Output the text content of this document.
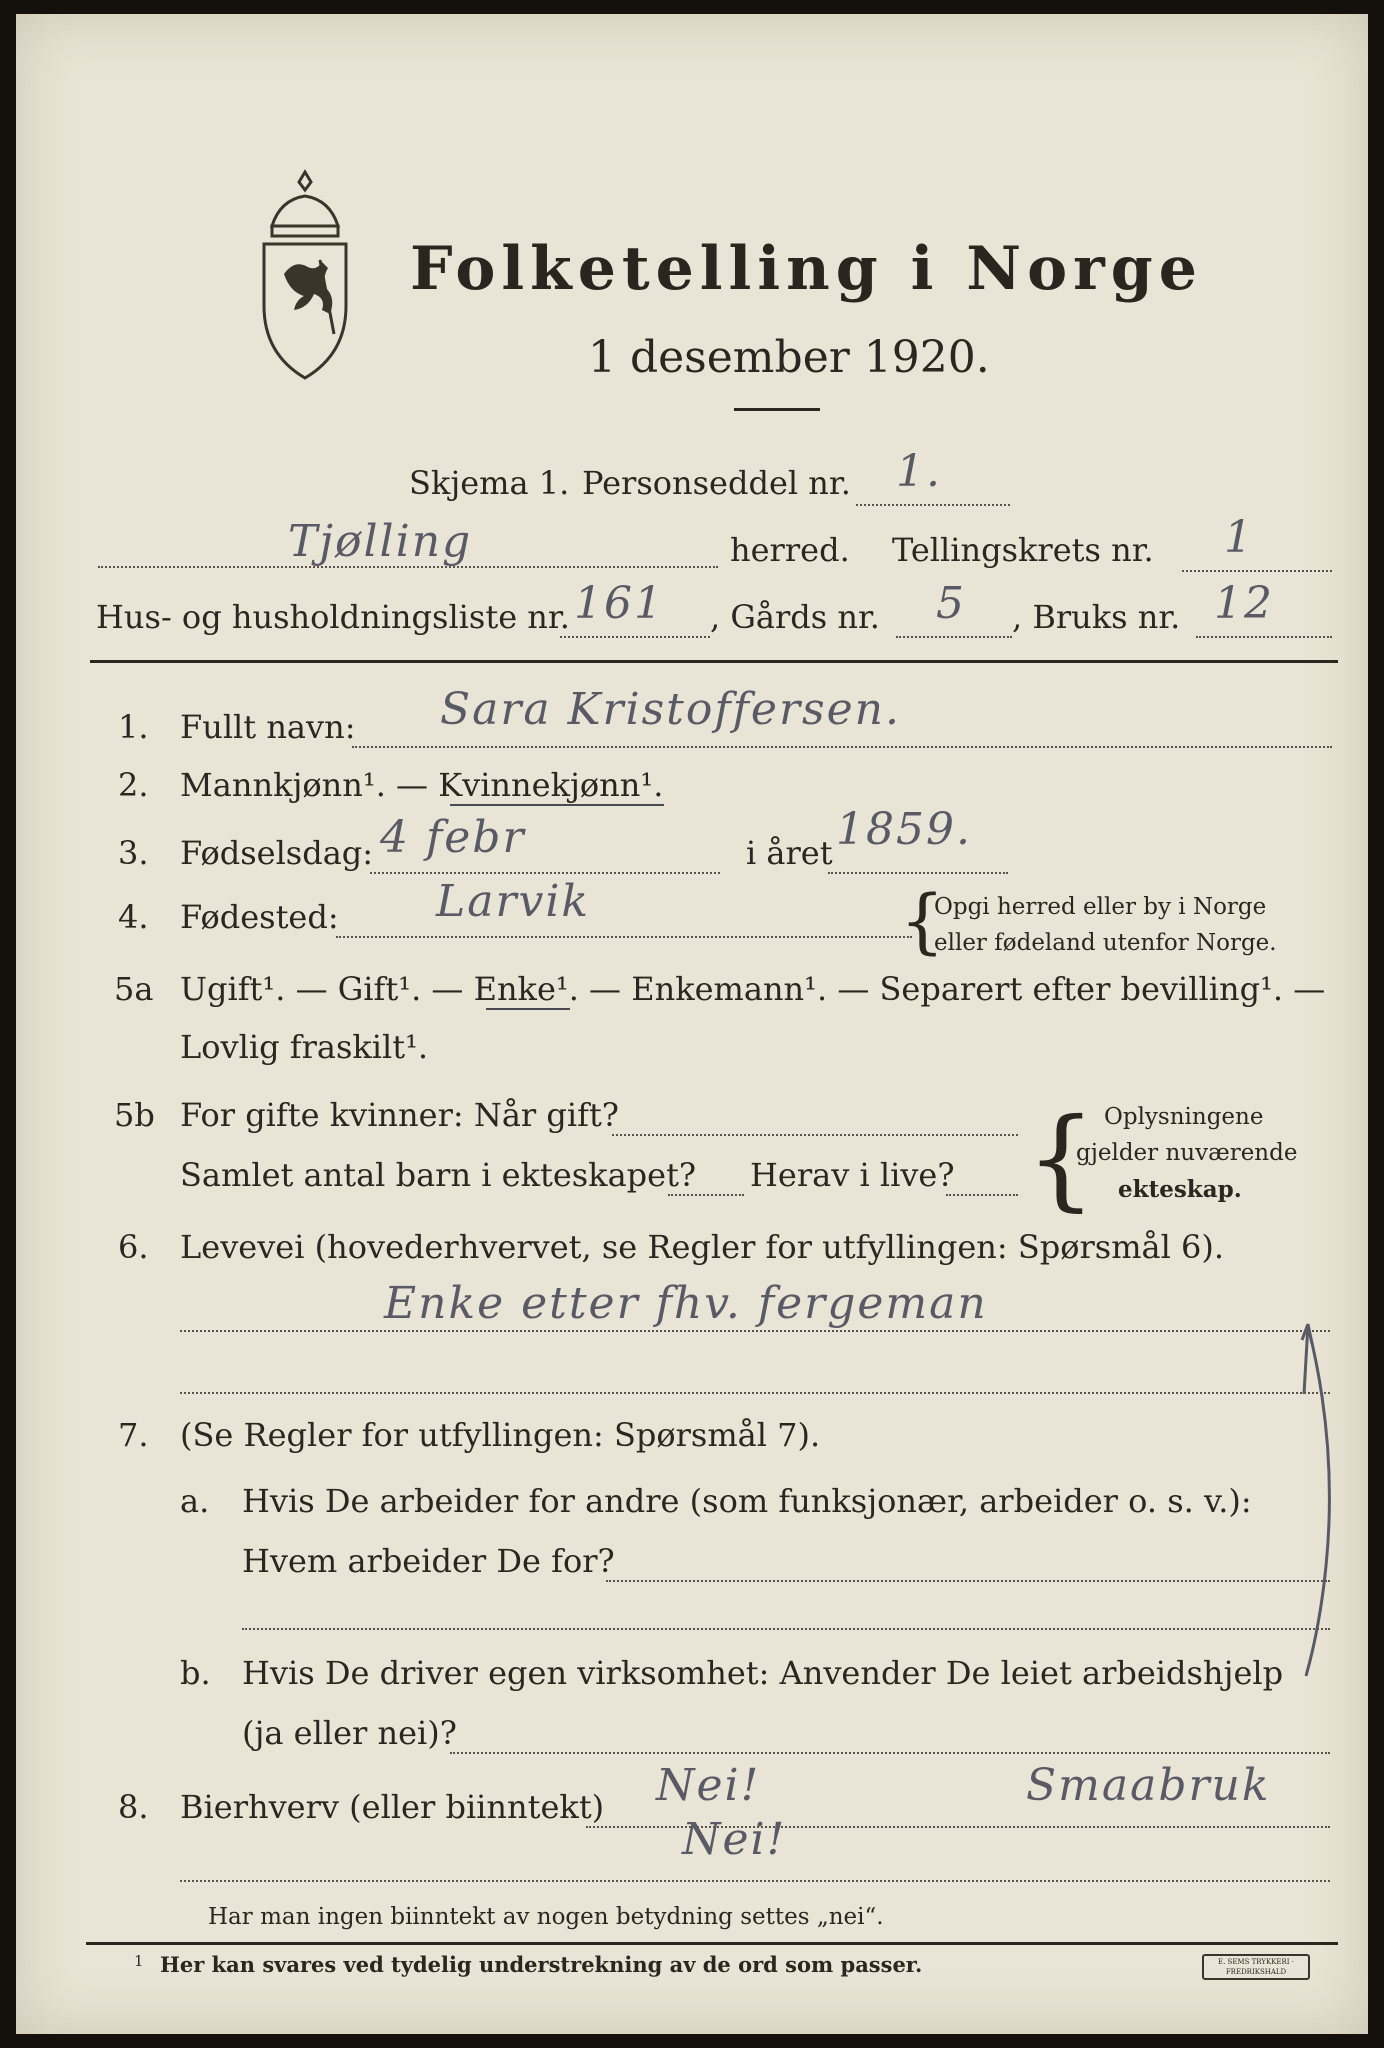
Folketelling i Norge
1 desember 1920.
Skjema 1. Personseddel nr. 1.
Tjølling	herred. Tellingskrets nr. 1
Hus- og husholdningsliste nr. 161 , Gårds nr. 5 , Bruks nr. 12
1. Fullt navn: Sara Kristoffersen.
2. Mannkjønn¹. — Kvinnekjønn¹.
3. Fødselsdag: 4 febr	i året 1859.
4. Fødested: Larvik	{
Opgi herred eller by i Norge
eller fødeland utenfor Norge.
5a Ugift¹. — Gift¹. — Enke¹. — Enkemann¹. — Separert efter bevilling¹. —
Lovlig fraskilt¹.
5b For gifte kvinner: Når gift?
Samlet antal barn i ekteskapet? Herav i live? { Oplysningene
gjelder nuværende
ekteskap.
6. Levevei (hovederhvervet, se Regler for utfyllingen: Spørsmål 6).
Enke etter fhv. fergeman
7. (Se Regler for utfyllingen: Spørsmål 7).
a. Hvis De arbeider for andre (som funksjonær, arbeider o. s. v.):
Hvem arbeider De for?
b. Hvis De driver egen virksomhet: Anvender De leiet arbeidshjelp
(ja eller nei)?
8. Bierhverv (eller biinntekt) Nei!	Smaabruk
Nei!
Har man ingen biinntekt av nogen betydning settes „nei“.
1 Her kan svares ved tydelig understrekning av de ord som passer.	E. SEMS TRYKKERI · FREDRIKSHALD
